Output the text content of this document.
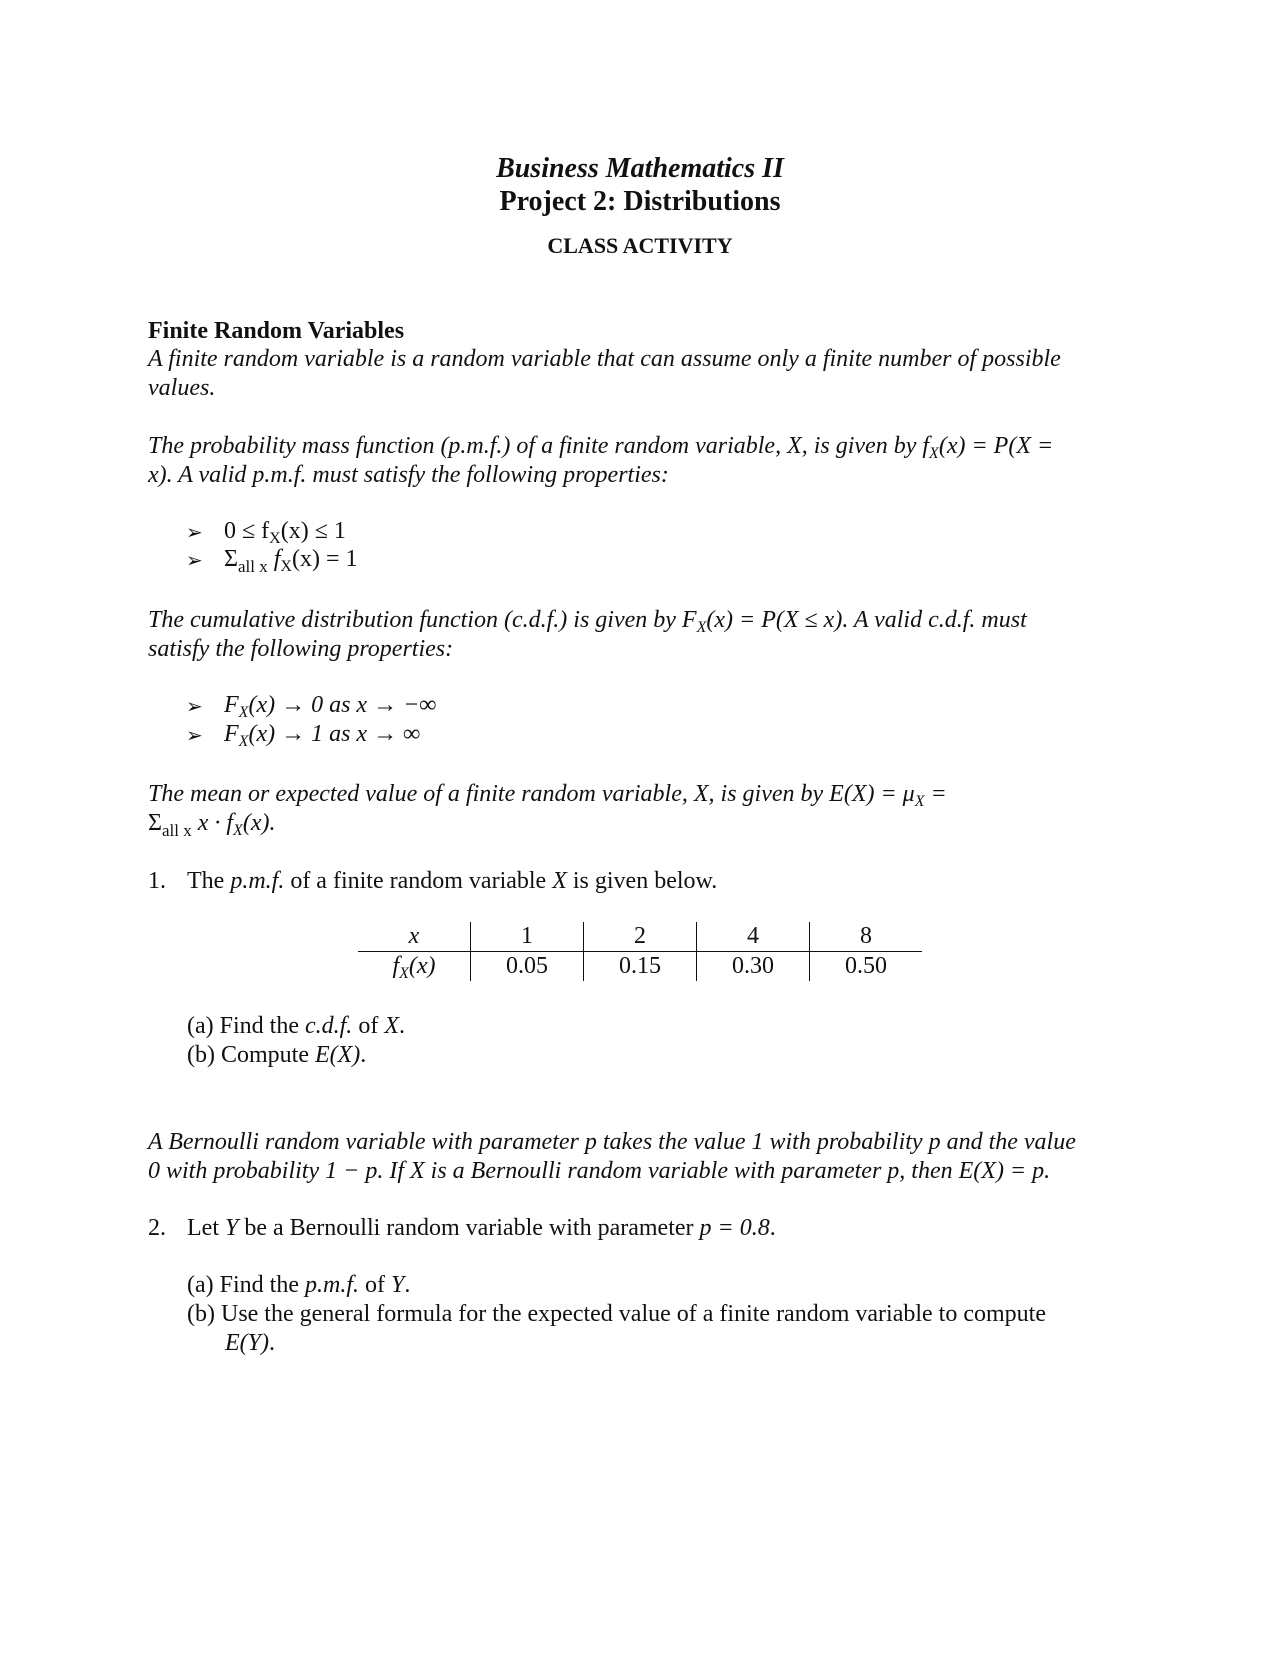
Business Mathematics II
Project 2: Distributions
CLASS ACTIVITY
Finite Random Variables
A finite random variable is a random variable that can assume only a finite number of possible
values.
The probability mass function (p.m.f.) of a finite random variable, X, is given by $f_X(x) = P(X$ =
x). A valid p.m.f. must satisfy the following properties:
➢ $0 \le f_X(x) \le 1$
➢ $\Sigma_{all x}$ $f_X(x) = 1$
The cumulative distribution function (c.d.f.) is given by $F_X(x) = P(X \le x)$. A valid c.d.f. must
satisfy the following properties:
➢ $F_X(x) \to 0$ as x → −∞
➢ $F_X(x) \to 1$ as x → ∞
The mean or expected value of a finite random variable, X, is given by $E(X) = \mu_X$ =
$\Sigma_{all x}$ $x \cdot f_X(x)$.
1. The p.m.f. of a finite random variable X is given below.
x	1	2	4	8
$f_X(x)$	0.05	0.15	0.30	0.50
(a) Find the c.d.f. of X.
(b) Compute E(X).
A Bernoulli random variable with parameter p takes the value 1 with probability p and the value
0 with probability 1 − p. If X is a Bernoulli random variable with parameter p, then E(X) = p.
2. Let Y be a Bernoulli random variable with parameter p = 0.8.
(a) Find the p.m.f. of Y.
(b) Use the general formula for the expected value of a finite random variable to compute
E(Y).
